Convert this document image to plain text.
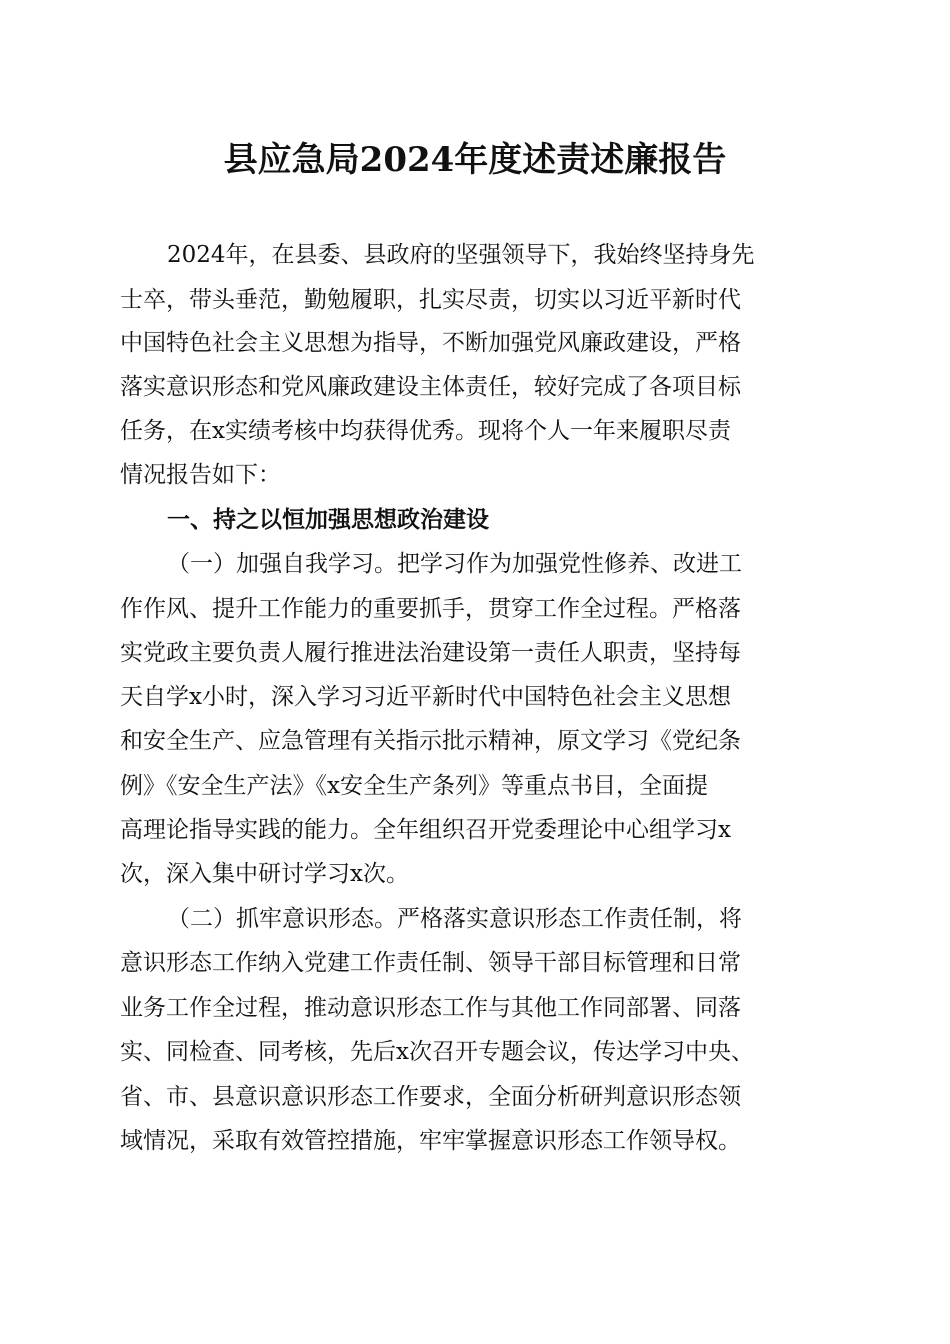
县应急局2024年度述责述廉报告
2024年，在县委、县政府的坚强领导下，我始终坚持身先
士卒，带头垂范，勤勉履职，扎实尽责，切实以习近平新时代
中国特色社会主义思想为指导，不断加强党风廉政建设，严格
落实意识形态和党风廉政建设主体责任，较好完成了各项目标
任务，在x实绩考核中均获得优秀。现将个人一年来履职尽责
情况报告如下：
一、持之以恒加强思想政治建设
（一）加强自我学习。把学习作为加强党性修养、改进工
作作风、提升工作能力的重要抓手，贯穿工作全过程。严格落
实党政主要负责人履行推进法治建设第一责任人职责，坚持每
天自学x小时，深入学习习近平新时代中国特色社会主义思想
和安全生产、应急管理有关指示批示精神，原文学习《党纪条
例》《安全生产法》《x安全生产条列》等重点书目，全面提
高理论指导实践的能力。全年组织召开党委理论中心组学习x
次，深入集中研讨学习x次。
（二）抓牢意识形态。严格落实意识形态工作责任制，将
意识形态工作纳入党建工作责任制、领导干部目标管理和日常
业务工作全过程，推动意识形态工作与其他工作同部署、同落
实、同检查、同考核，先后x次召开专题会议，传达学习中央、
省、市、县意识意识形态工作要求，全面分析研判意识形态领
域情况，采取有效管控措施，牢牢掌握意识形态工作领导权。
